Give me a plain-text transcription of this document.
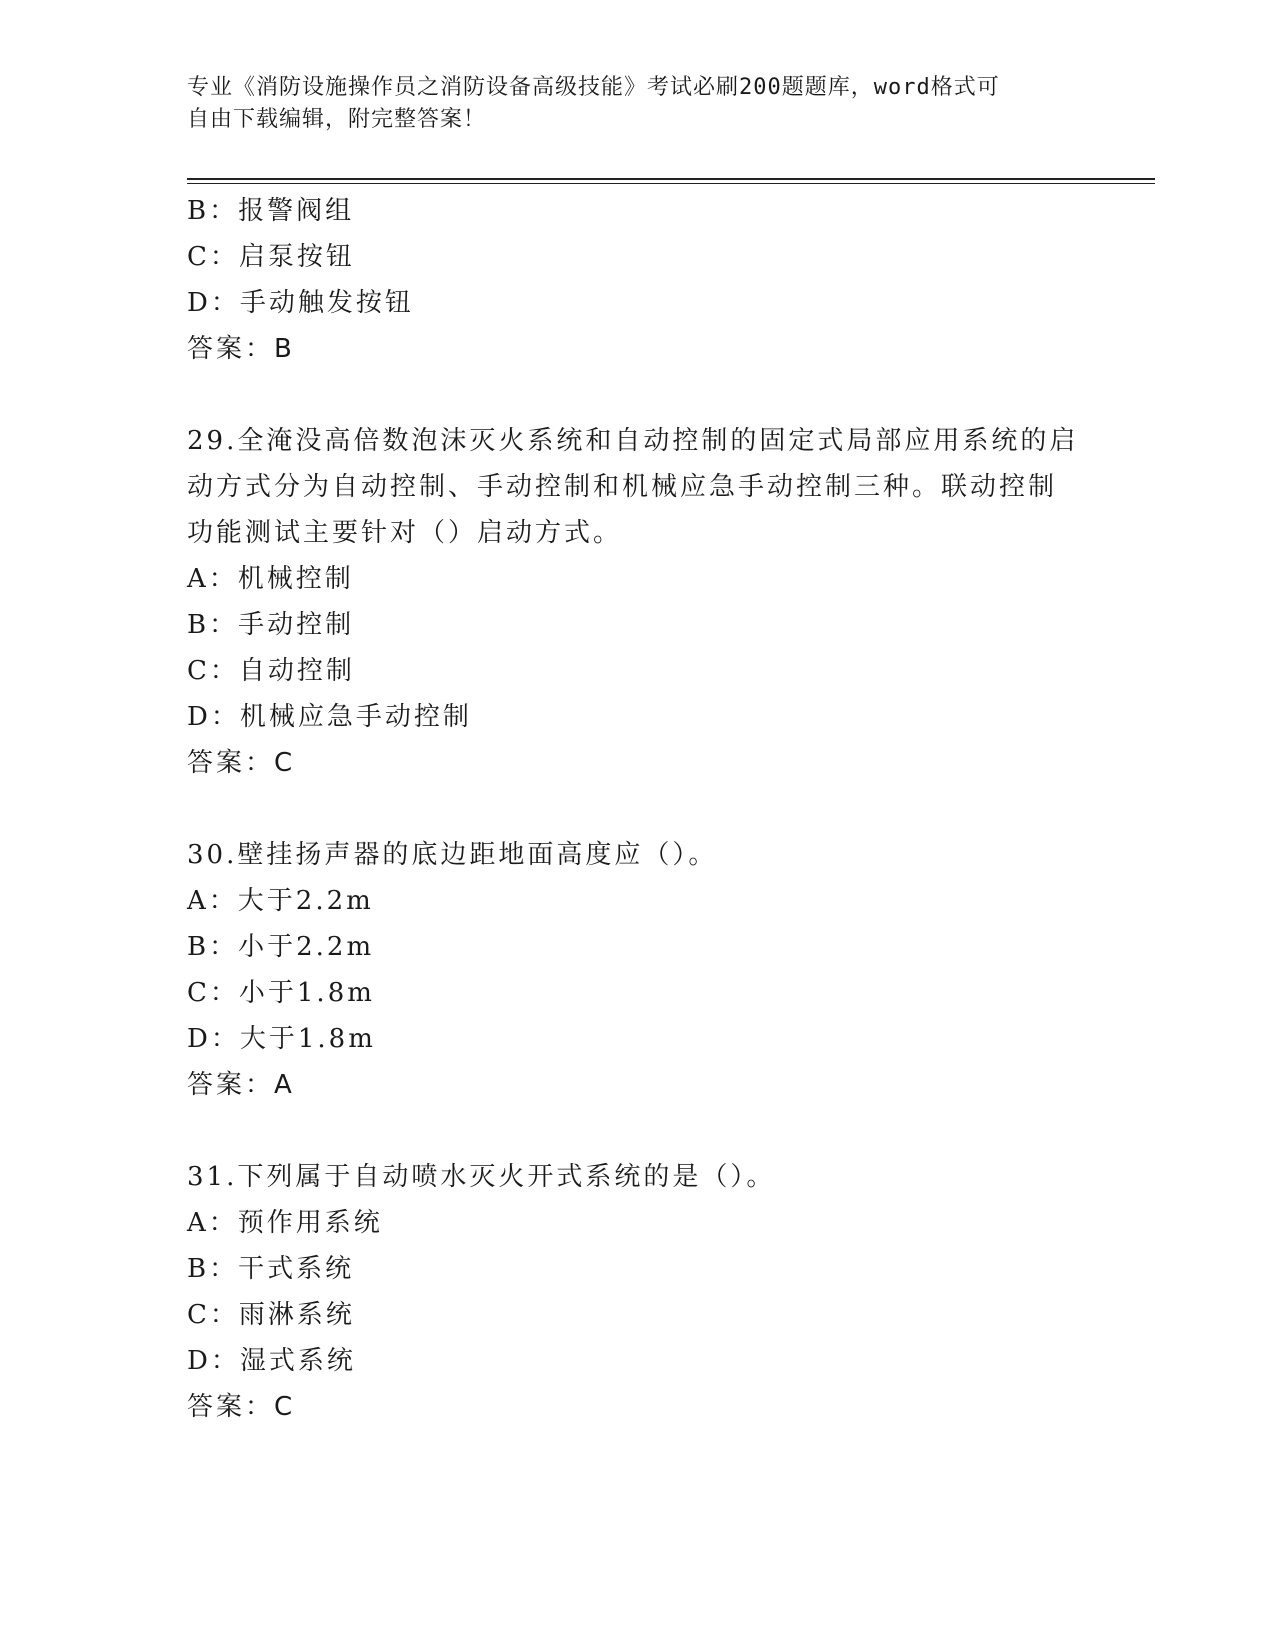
专业《消防设施操作员之消防设备高级技能》考试必刷200题题库，word格式可
自由下载编辑，附完整答案！
B：报警阀组
C：启泵按钮
D：手动触发按钮
答案：B
29.全淹没高倍数泡沫灭火系统和自动控制的固定式局部应用系统的启
动方式分为自动控制、手动控制和机械应急手动控制三种。联动控制
功能测试主要针对（）启动方式。
A：机械控制
B：手动控制
C：自动控制
D：机械应急手动控制
答案：C
30.壁挂扬声器的底边距地面高度应（）。
A：大于2.2m
B：小于2.2m
C：小于1.8m
D：大于1.8m
答案：A
31.下列属于自动喷水灭火开式系统的是（）。
A：预作用系统
B：干式系统
C：雨淋系统
D：湿式系统
答案：C
